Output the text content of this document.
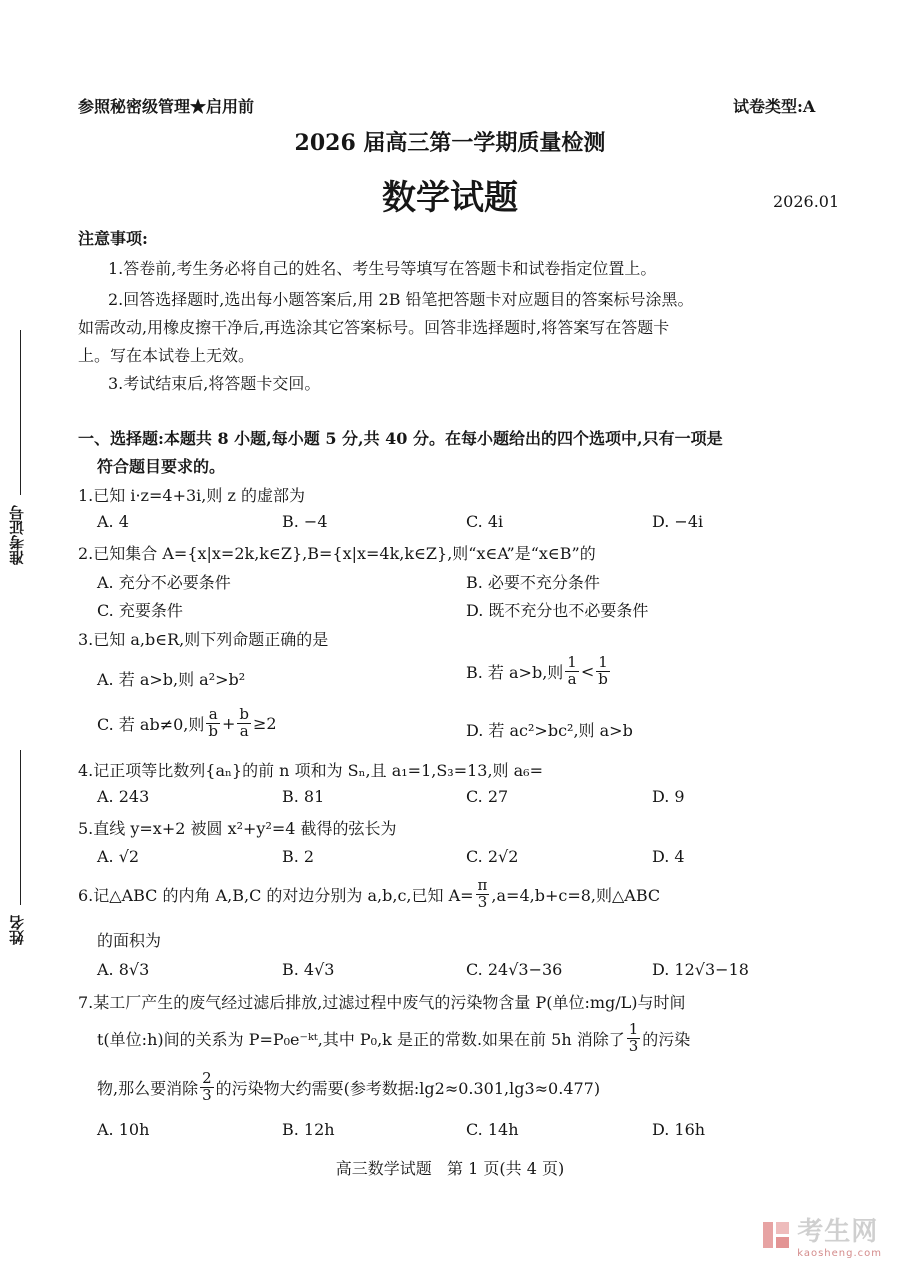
准考证号
姓名
参照秘密级管理★启用前	试卷类型:A
2026 届高三第一学期质量检测
数学试题	2026.01
注意事项:
1.答卷前,考生务必将自己的姓名、考生号等填写在答题卡和试卷指定位置上。
2.回答选择题时,选出每小题答案后,用 2B 铅笔把答题卡对应题目的答案标号涂黑。
如需改动,用橡皮擦干净后,再选涂其它答案标号。回答非选择题时,将答案写在答题卡
上。写在本试卷上无效。
3.考试结束后,将答题卡交回。
一、选择题:本题共 8 小题,每小题 5 分,共 40 分。在每小题给出的四个选项中,只有一项是
符合题目要求的。
1.已知 i·z=4+3i,则 z 的虚部为
A. 4	B. −4	C. 4i	D. −4i
2.已知集合 A={x|x=2k,k∈Z},B={x|x=4k,k∈Z},则“x∈A”是“x∈B”的
A. 充分不必要条件	B. 必要不充分条件
C. 充要条件	D. 既不充分也不必要条件
3.已知 a,b∈R,则下列命题正确的是
A. 若 a>b,则 a²>b²	B. 若 a>b,则 $\frac{1}{a} < \frac{1}{b}$
C. 若 ab≠0,则 $\frac{a}{b} + \frac{b}{a} \ge 2$	D. 若 ac²>bc²,则 a>b
4.记正项等比数列{aₙ}的前 n 项和为 Sₙ,且 a₁=1,S₃=13,则 a₆=
A. 243	B. 81	C. 27	D. 9
5.直线 y=x+2 被圆 x²+y²=4 截得的弦长为
A. √2	B. 2	C. 2√2	D. 4
6.记△ABC 的内角 A,B,C 的对边分别为 a,b,c,已知 $A= \frac{\pi}{3} ,a=4,b+c=8$,则△ABC
的面积为
A. 8√3	B. 4√3	C. 24√3−36	D. 12√3−18
7.某工厂产生的废气经过滤后排放,过滤过程中废气的污染物含量 P(单位:mg/L)与时间
t(单位:h)间的关系为 P=P₀e⁻ᵏᵗ,其中 P₀,k 是正的常数.如果在前 5h 消除了 $\frac{1}{3}$ 的污染
物,那么要消除 $\frac{2}{3}$ 的污染物大约需要(参考数据:lg2≈0.301,lg3≈0.477)
A. 10h	B. 12h	C. 14h	D. 16h
高三数学试题   第 1 页(共 4 页)
考生网
kaosheng.com
